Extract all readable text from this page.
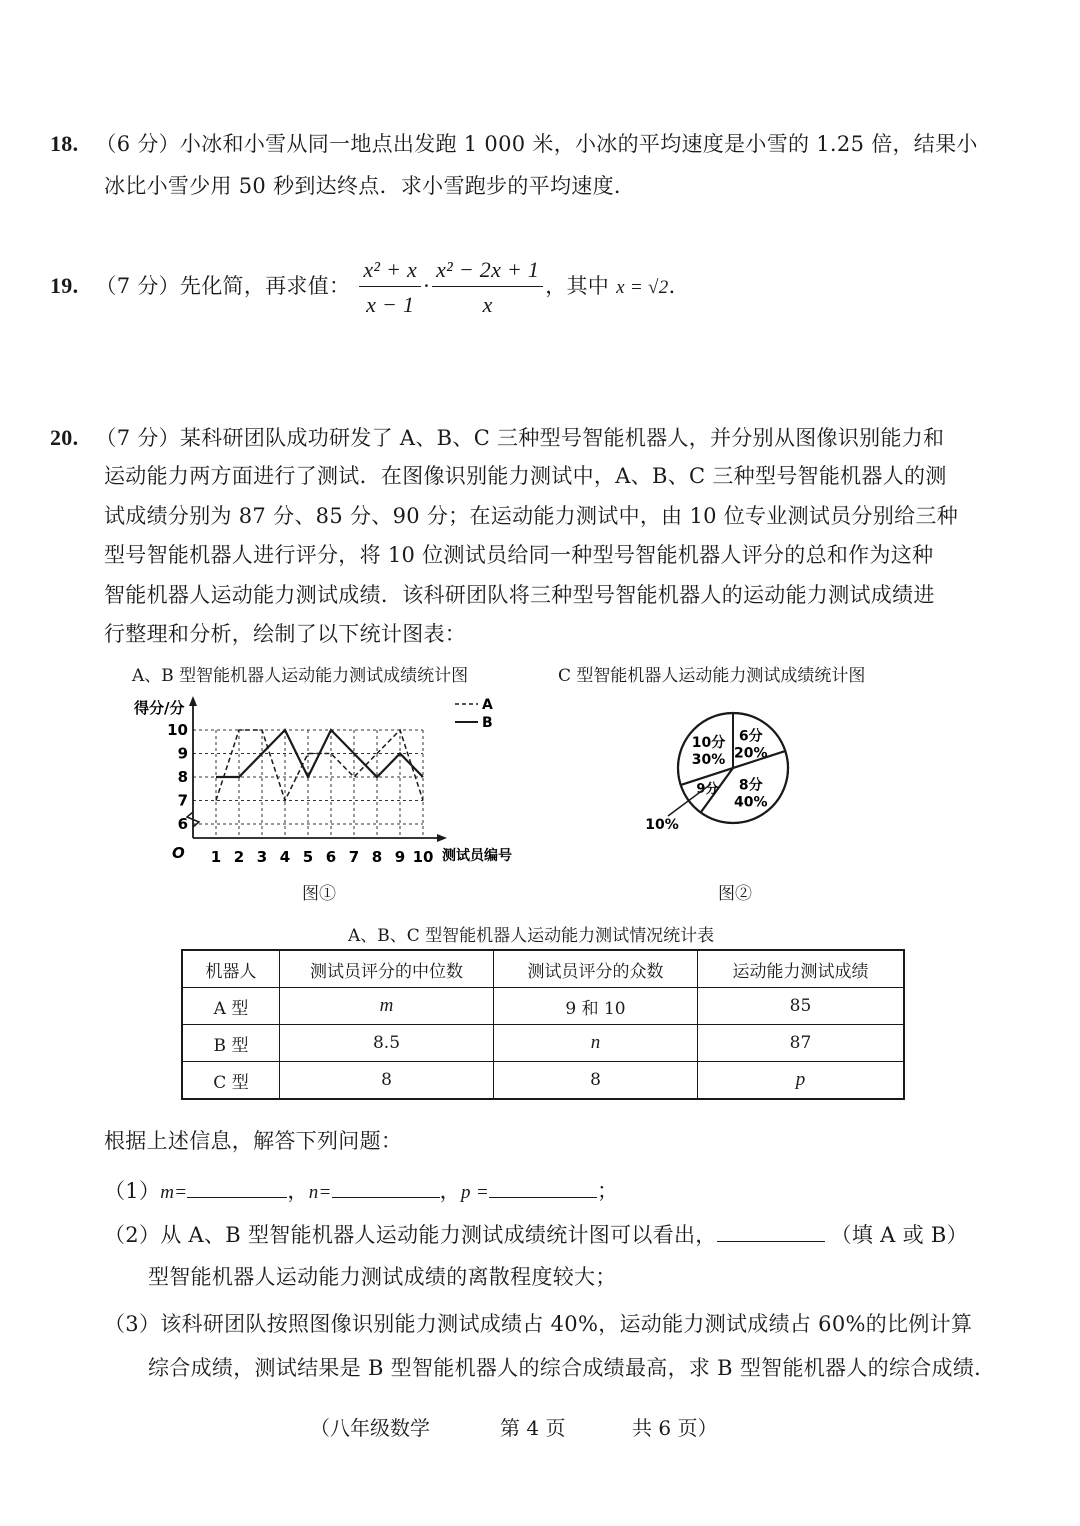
18. （6 分）小冰和小雪从同一地点出发跑 1 000 米，小冰的平均速度是小雪的 1.25 倍，结果小
冰比小雪少用 50 秒到达终点．求小雪跑步的平均速度．
19. （7 分）先化简，再求值： $\frac{\text{x² + x}}{x - 1} \cdot \frac{\text{x² − 2x + 1}}{x}$ ，其中 x = √2．
20. （7 分）某科研团队成功研发了 A、B、C 三种型号智能机器人，并分别从图像识别能力和
运动能力两方面进行了测试．在图像识别能力测试中，A、B、C 三种型号智能机器人的测
试成绩分别为 87 分、85 分、90 分；在运动能力测试中，由 10 位专业测试员分别给三种
型号智能机器人进行评分，将 10 位测试员给同一种型号智能机器人评分的总和作为这种
智能机器人运动能力测试成绩．该科研团队将三种型号智能机器人的运动能力测试成绩进
行整理和分析，绘制了以下统计图表：
A、B 型智能机器人运动能力测试成绩统计图	C 型智能机器人运动能力测试成绩统计图
1 2 3 4 5 6 7 8 9 10
6
7
8
9
10
得分/分
测试员编号
O
A
B
6分
20%
8分
40%
9分
10%
10分
30%
图①	图②
A、B、C 型智能机器人运动能力测试情况统计表
机器人	测试员评分的中位数	测试员评分的众数	运动能力测试成绩
A 型	m	9 和 10	85
B 型	8.5	n	87
C 型	8	8	p
根据上述信息，解答下列问题：
（1）m=	，n=	，p =	；
（2）从 A、B 型智能机器人运动能力测试成绩统计图可以看出，	（填 A 或 B）
型智能机器人运动能力测试成绩的离散程度较大；
（3）该科研团队按照图像识别能力测试成绩占 40%，运动能力测试成绩占 60%的比例计算
综合成绩，测试结果是 B 型智能机器人的综合成绩最高，求 B 型智能机器人的综合成绩．
（八年级数学	第 4 页	共 6 页）
